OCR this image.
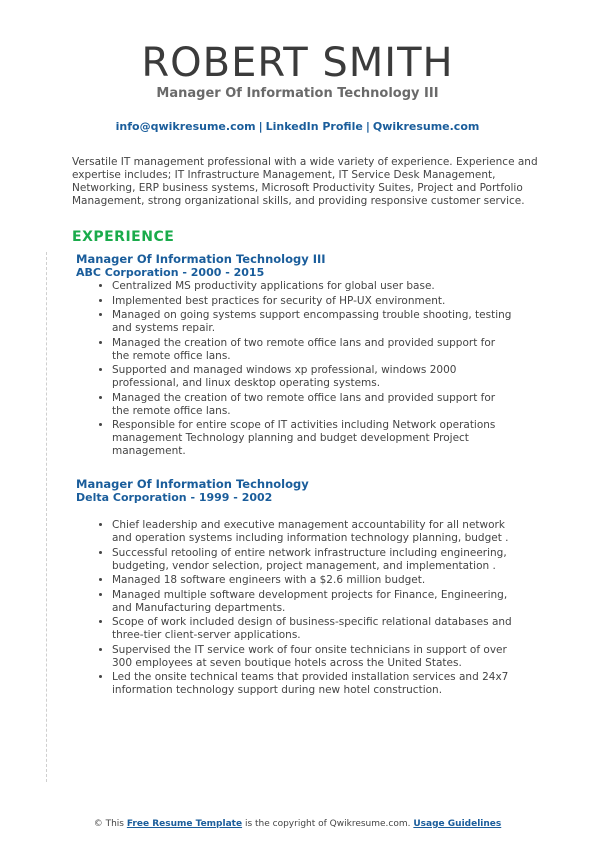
ROBERT SMITH
Manager Of Information Technology III
info@qwikresume.com | LinkedIn Profile | Qwikresume.com
Versatile IT management professional with a wide variety of experience. Experience and expertise includes; IT Infrastructure Management, IT Service Desk Management, Networking, ERP business systems, Microsoft Productivity Suites, Project and Portfolio Management, strong organizational skills, and providing responsive customer service.
EXPERIENCE
Manager Of Information Technology III
ABC Corporation - 2000 - 2015
• Centralized MS productivity applications for global user base.
• Implemented best practices for security of HP-UX environment.
• Managed on going systems support encompassing trouble shooting, testing and systems repair.
• Managed the creation of two remote office lans and provided support for the remote office lans.
• Supported and managed windows xp professional, windows 2000 professional, and linux desktop operating systems.
• Managed the creation of two remote office lans and provided support for the remote office lans.
• Responsible for entire scope of IT activities including Network operations management Technology planning and budget development Project management.
Manager Of Information Technology
Delta Corporation - 1999 - 2002
• Chief leadership and executive management accountability for all network and operation systems including information technology planning, budget .
• Successful retooling of entire network infrastructure including engineering, budgeting, vendor selection, project management, and implementation .
• Managed 18 software engineers with a $2.6 million budget.
• Managed multiple software development projects for Finance, Engineering, and Manufacturing departments.
• Scope of work included design of business-specific relational databases and three-tier client-server applications.
• Supervised the IT service work of four onsite technicians in support of over 300 employees at seven boutique hotels across the United States.
• Led the onsite technical teams that provided installation services and 24x7 information technology support during new hotel construction.
© This Free Resume Template is the copyright of Qwikresume.com. Usage Guidelines
